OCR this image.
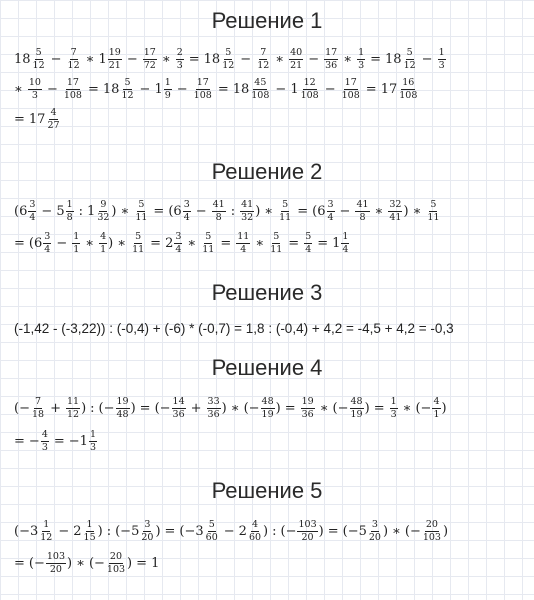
Решение 1
Решение 2
Решение 3
Решение 4
Решение 5
$18 \frac{5}{12} - \frac{7}{12}$ ∗ $1 \frac{19}{21} - \frac{17}{72}$ ∗ $\frac{2}{3} = 18 \frac{5}{12} - \frac{7}{12}$ ∗ $\frac{40}{21} - \frac{17}{36}$ ∗ $\frac{1}{3} = 18 \frac{5}{12} - \frac{1}{3}$
∗ $\frac{10}{3} - \frac{17}{108} = 18 \frac{5}{12} - 1 \frac{1}{9} - \frac{17}{108} = 18 \frac{45}{108} - 1 \frac{12}{108} - \frac{17}{108} = 17 \frac{16}{108}$
= $17 \frac{4}{27}$
( $6 \frac{3}{4} - 5 \frac{1}{8}$ : $1 \frac{9}{32}$ ) ∗ $\frac{5}{11}$ = ( $6 \frac{3}{4} - \frac{41}{8}$ : $\frac{41}{32}$ ) ∗ $\frac{5}{11}$ = ( $6 \frac{3}{4} - \frac{41}{8}$ ∗ $\frac{32}{41}$ ) ∗ $\frac{5}{11}$
= ( $6 \frac{3}{4} - \frac{1}{1}$ ∗ $\frac{4}{1}$ ) ∗ $\frac{5}{11} = 2 \frac{3}{4}$ ∗ $\frac{5}{11} = \frac{11}{4}$ ∗ $\frac{5}{11} = \frac{5}{4} = 1 \frac{1}{4}$
(-1,42 - (-3,22)) : (-0,4) + (-6) * (-0,7) = 1,8 : (-0,4) + 4,2 = -4,5 + 4,2 = -0,3
(− $\frac{7}{18} + \frac{11}{12}$ ) : (− $\frac{19}{48}$ ) = (− $\frac{14}{36} + \frac{33}{36}$ ) ∗ (− $\frac{48}{19}$ ) = $\frac{19}{36}$ ∗ (− $\frac{48}{19}$ ) = $\frac{1}{3}$ ∗ (− $\frac{4}{1}$ )
= − $\frac{4}{3} = -1 \frac{1}{3}$
( $-3 \frac{1}{12} - 2 \frac{1}{15}$ ) : ( $-5 \frac{3}{20}$ ) = ( $-3 \frac{5}{60} - 2 \frac{4}{60}$ ) : (− $\frac{103}{20}$ ) = ( $-5 \frac{3}{20}$ ) ∗ (− $\frac{20}{103}$ )
= (− $\frac{103}{20}$ ) ∗ (− $\frac{20}{103}$ ) = 1
